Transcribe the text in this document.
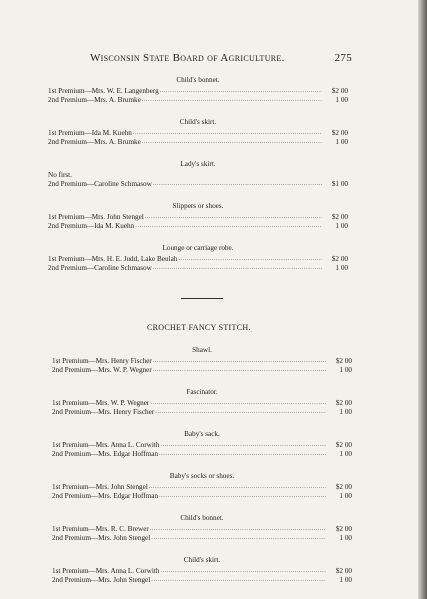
Wisconsin State Board of Agriculture.	275
Child's bonnet.
1st Premium—Mrs. W. E. Langenberg .....	$2 00
2nd Premium—Mrs. A. Brumke .....	1 00
Child's skirt.
1st Premium—Ida M. Kuehn .....	$2 00
2nd Premium—Mrs. A. Brumke .....	1 00
Lady's skirt.
No first.
2nd Premium—Caroline Schmasow .....	$1 00
Slippers or shoes.
1st Premium—Mrs. John Stengel .....	$2 00
2nd Premium—Ida M. Kuehn .....	1 00
Lounge or carriage robe.
1st Premium—Mrs. H. E. Judd, Lake Beulah .....	$2 00
2nd Premium—Caroline Schmasow .....	1 00
CROCHET FANCY STITCH.
Shawl.
1st Premium—Mrs. Henry Fischer .....	$2 00
2nd Premium—Mrs. W. P. Wegner .....	1 00
Fascinator.
1st Premium—Mrs. W. P. Wegner .....	$2 00
2nd Premium—Mrs. Henry Fischer .....	1 00
Baby's sack.
1st Premium—Mrs. Anna L. Corwith .....	$2 00
2nd Premium—Mrs. Edgar Hoffman .....	1 00
Baby's socks or shoes.
1st Premium—Mrs. John Stengel .....	$2 00
2nd Premium—Mrs. Edgar Hoffman .....	1 00
Child's bonnet.
1st Premium—Mrs. R. C. Brewer .....	$2 00
2nd Premium—Mrs. John Stengel .....	1 00
Child's skirt.
1st Premium—Mrs. Anna L. Corwith .....	$2 00
2nd Premium—Mrs. John Stengel .....	1 00
